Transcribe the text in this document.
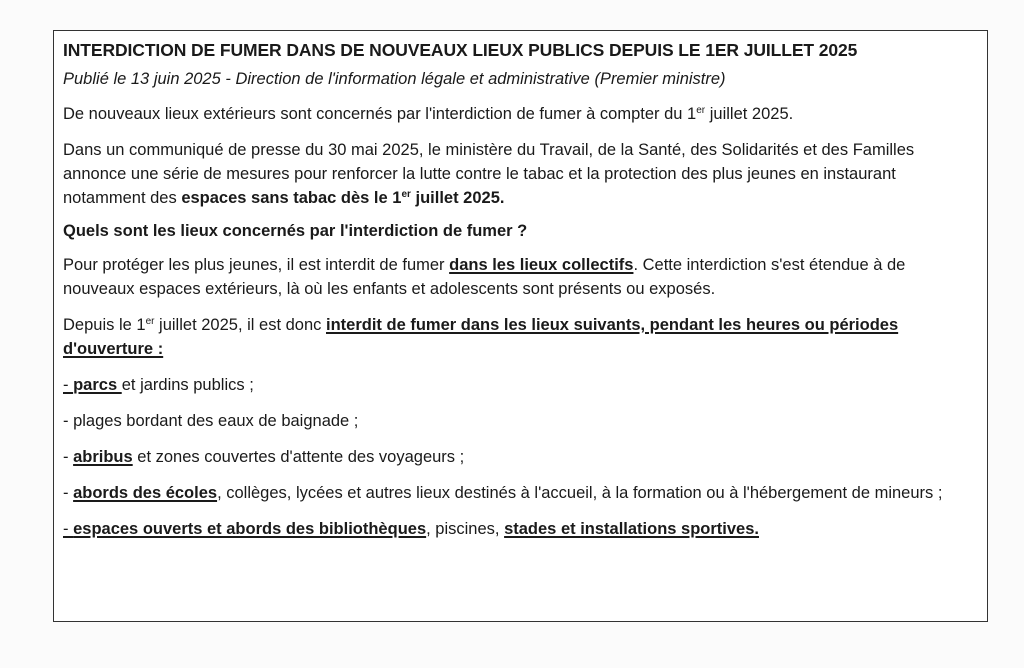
INTERDICTION DE FUMER DANS DE NOUVEAUX LIEUX PUBLICS DEPUIS LE 1ER JUILLET 2025
Publié le 13 juin 2025 - Direction de l'information légale et administrative (Premier ministre)

De nouveaux lieux extérieurs sont concernés par l'interdiction de fumer à compter du 1er juillet 2025.

Dans un communiqué de presse du 30 mai 2025, le ministère du Travail, de la Santé, des Solidarités et des Familles annonce une série de mesures pour renforcer la lutte contre le tabac et la protection des plus jeunes en instaurant notamment des espaces sans tabac dès le 1er juillet 2025.

Quels sont les lieux concernés par l'interdiction de fumer ?

Pour protéger les plus jeunes, il est interdit de fumer dans les lieux collectifs. Cette interdiction s'est étendue à de nouveaux espaces extérieurs, là où les enfants et adolescents sont présents ou exposés.

Depuis le 1er juillet 2025, il est donc interdit de fumer dans les lieux suivants, pendant les heures ou périodes d'ouverture :

- parcs et jardins publics ;
- plages bordant des eaux de baignade ;
- abribus et zones couvertes d'attente des voyageurs ;
- abords des écoles, collèges, lycées et autres lieux destinés à l'accueil, à la formation ou à l'hébergement de mineurs ;
- espaces ouverts et abords des bibliothèques, piscines, stades et installations sportives.
